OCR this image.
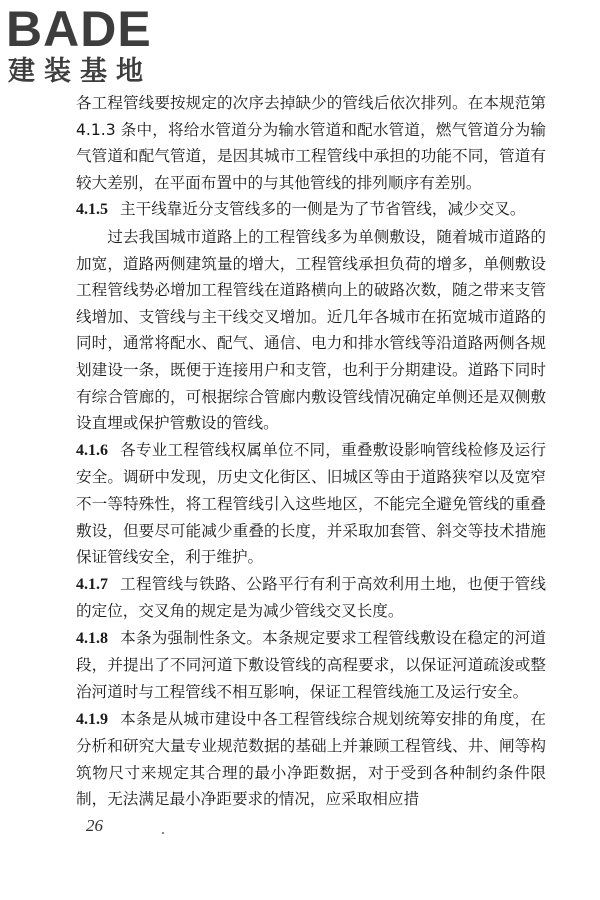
BADE
建装基地

各工程管线要按规定的次序去掉缺少的管线后依次排列。在本规范第 4.1.3 条中，将给水管道分为输水管道和配水管道，燃气管道分为输气管道和配气管道，是因其城市工程管线中承担的功能不同，管道有较大差别，在平面布置中的与其他管线的排列顺序有差别。

4.1.5 主干线靠近分支管线多的一侧是为了节省管线，减少交叉。

过去我国城市道路上的工程管线多为单侧敷设，随着城市道路的加宽，道路两侧建筑量的增大，工程管线承担负荷的增多，单侧敷设工程管线势必增加工程管线在道路横向上的破路次数，随之带来支管线增加、支管线与主干线交叉增加。近几年各城市在拓宽城市道路的同时，通常将配水、配气、通信、电力和排水管线等沿道路两侧各规划建设一条，既便于连接用户和支管，也利于分期建设。道路下同时有综合管廊的，可根据综合管廊内敷设管线情况确定单侧还是双侧敷设直埋或保护管敷设的管线。

4.1.6 各专业工程管线权属单位不同，重叠敷设影响管线检修及运行安全。调研中发现，历史文化街区、旧城区等由于道路狭窄以及宽窄不一等特殊性，将工程管线引入这些地区，不能完全避免管线的重叠敷设，但要尽可能减少重叠的长度，并采取加套管、斜交等技术措施保证管线安全，利于维护。

4.1.7 工程管线与铁路、公路平行有利于高效利用土地，也便于管线的定位，交叉角的规定是为减少管线交叉长度。

4.1.8 本条为强制性条文。本条规定要求工程管线敷设在稳定的河道段，并提出了不同河道下敷设管线的高程要求，以保证河道疏浚或整治河道时与工程管线不相互影响，保证工程管线施工及运行安全。

4.1.9 本条是从城市建设中各工程管线综合规划统筹安排的角度，在分析和研究大量专业规范数据的基础上并兼顾工程管线、井、闸等构筑物尺寸来规定其合理的最小净距数据，对于受到各种制约条件限制，无法满足最小净距要求的情况，应采取相应措

26
